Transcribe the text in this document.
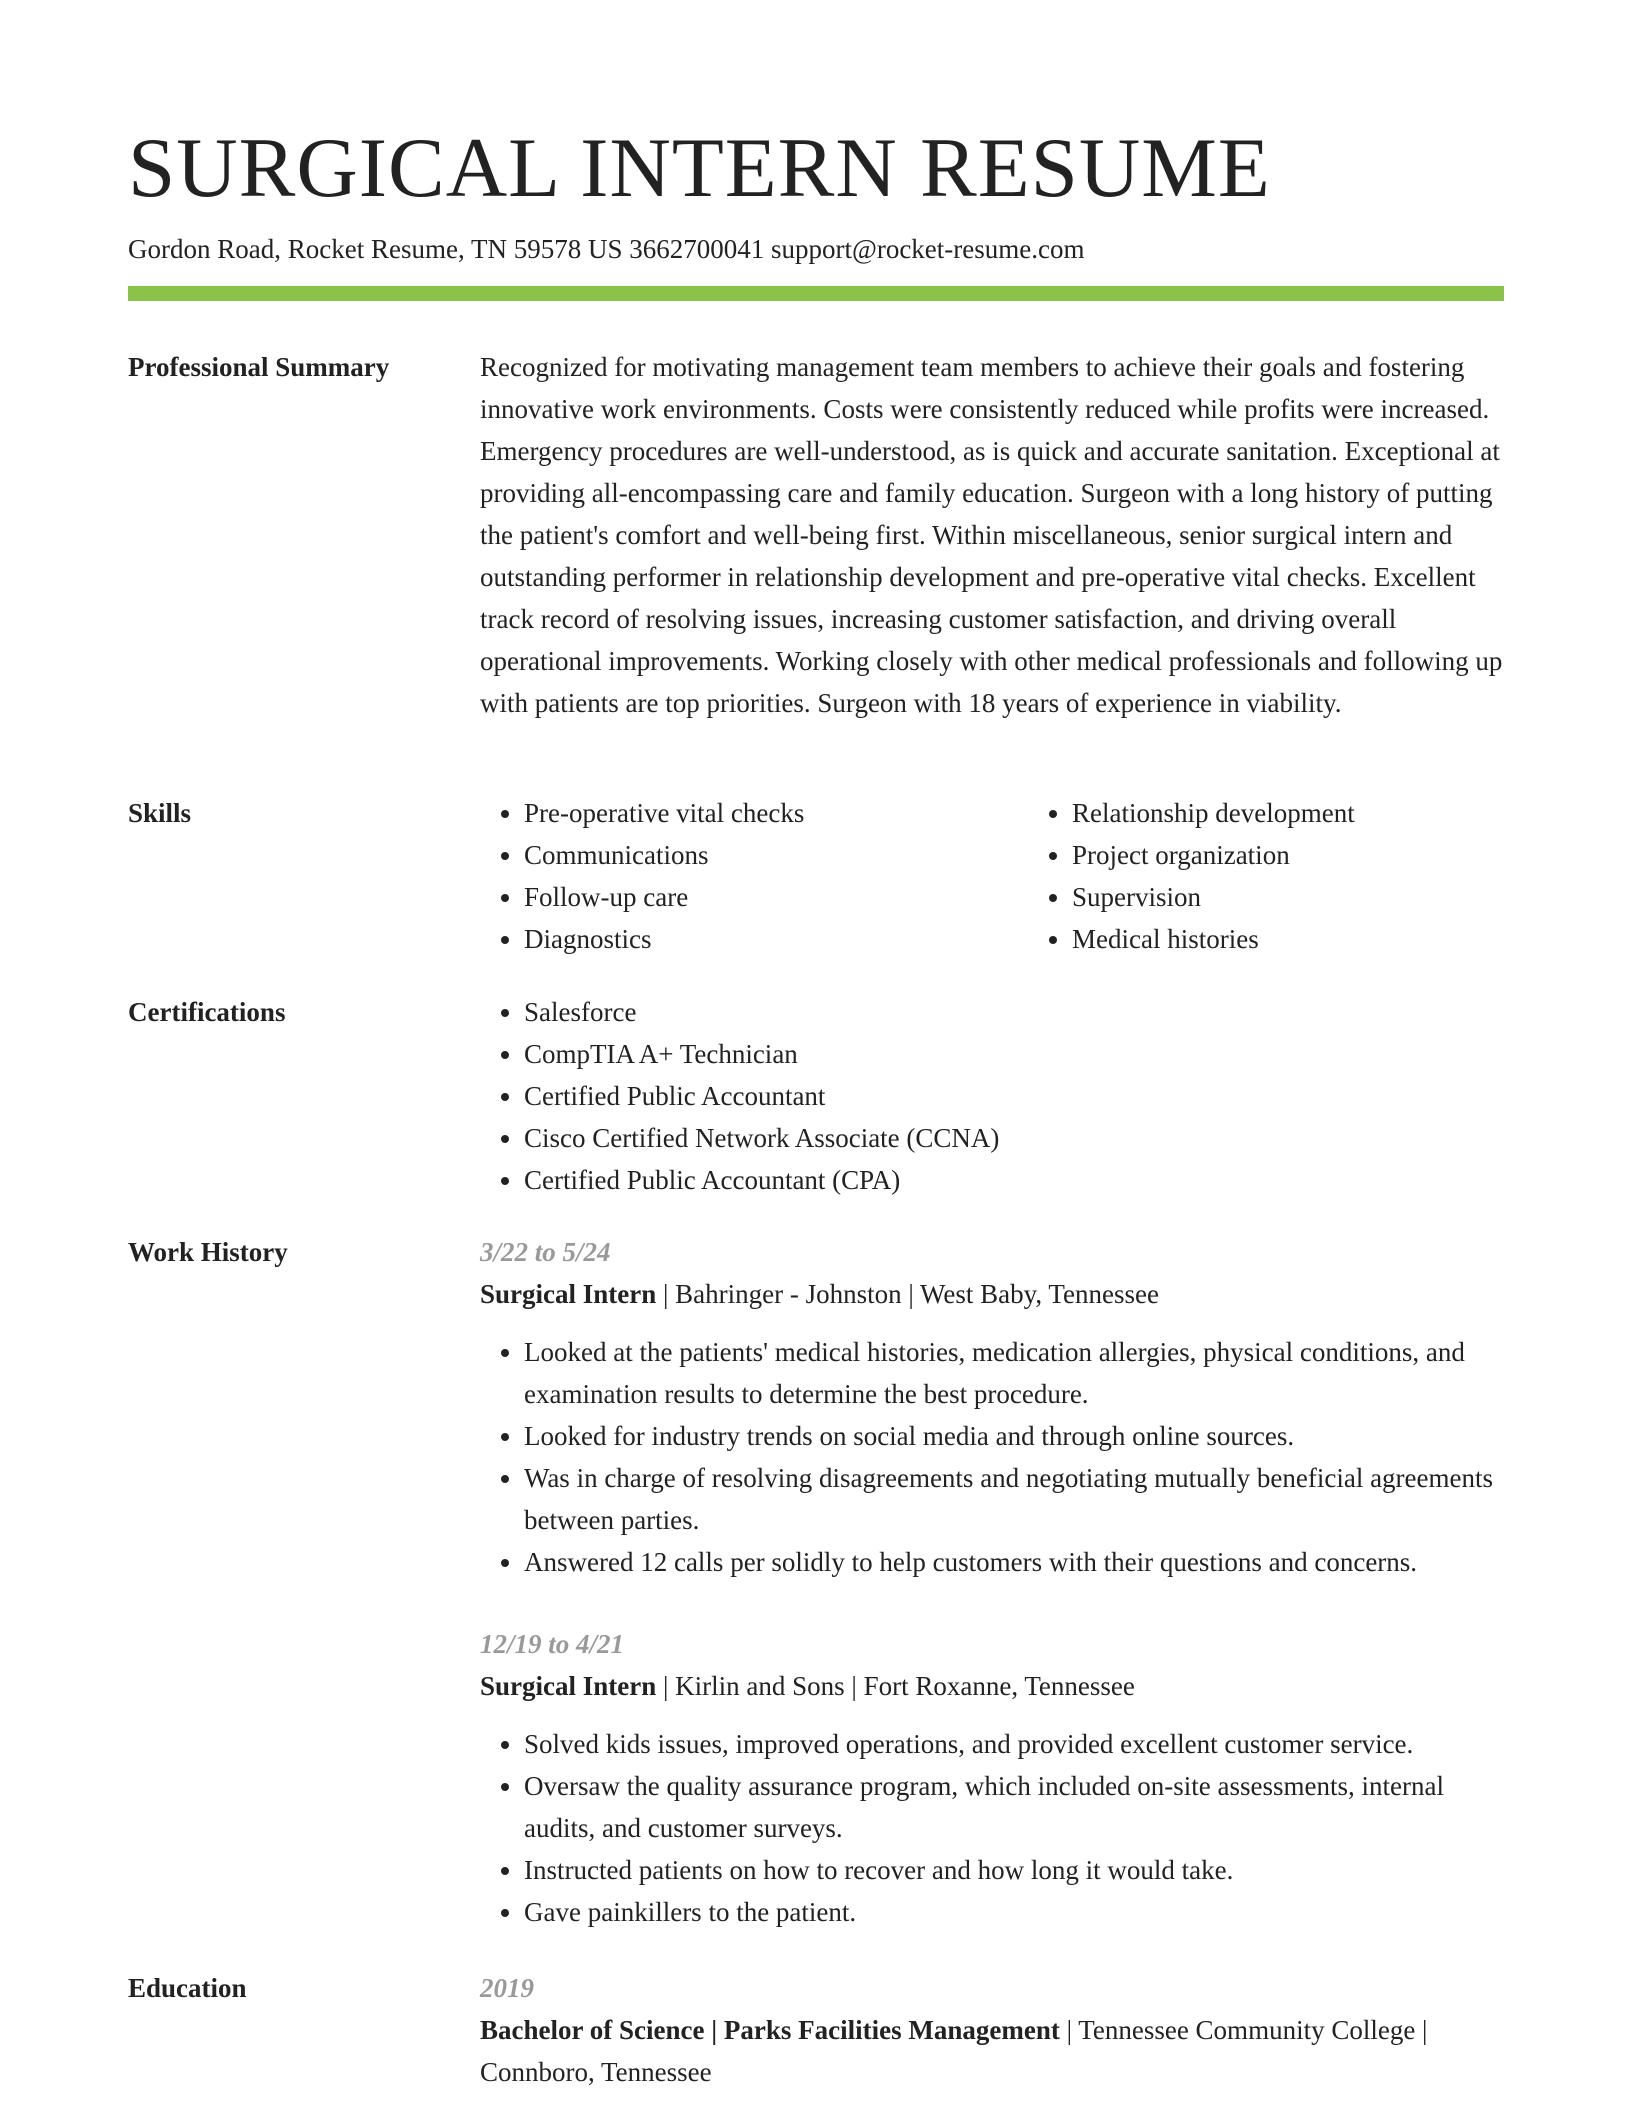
SURGICAL INTERN RESUME
Gordon Road, Rocket Resume, TN 59578 US 3662700041 support@rocket-resume.com
Professional Summary	Recognized for motivating management team members to achieve their goals and fostering innovative work environments. Costs were consistently reduced while profits were increased. Emergency procedures are well-understood, as is quick and accurate sanitation. Exceptional at providing all-encompassing care and family education. Surgeon with a long history of putting the patient's comfort and well-being first. Within miscellaneous, senior surgical intern and outstanding performer in relationship development and pre-operative vital checks. Excellent track record of resolving issues, increasing customer satisfaction, and driving overall operational improvements. Working closely with other medical professionals and following up with patients are top priorities. Surgeon with 18 years of experience in viability.

Skills	• Pre-operative vital checks
• Communications
• Follow-up care
• Diagnostics
• Relationship development
• Project organization
• Supervision
• Medical histories
Certifications	• Salesforce
• CompTIA A+ Technician
• Certified Public Accountant
• Cisco Certified Network Associate (CCNA)
• Certified Public Accountant (CPA)
Work History	3/22 to 5/24
Surgical Intern | Bahringer - Johnston | West Baby, Tennessee
• Looked at the patients' medical histories, medication allergies, physical conditions, and examination results to determine the best procedure.
• Looked for industry trends on social media and through online sources.
• Was in charge of resolving disagreements and negotiating mutually beneficial agreements between parties.
• Answered 12 calls per solidly to help customers with their questions and concerns.
12/19 to 4/21
Surgical Intern | Kirlin and Sons | Fort Roxanne, Tennessee
• Solved kids issues, improved operations, and provided excellent customer service.
• Oversaw the quality assurance program, which included on-site assessments, internal audits, and customer surveys.
• Instructed patients on how to recover and how long it would take.
• Gave painkillers to the patient.
Education	2019
Bachelor of Science | Parks Facilities Management | Tennessee Community College | Connboro, Tennessee
